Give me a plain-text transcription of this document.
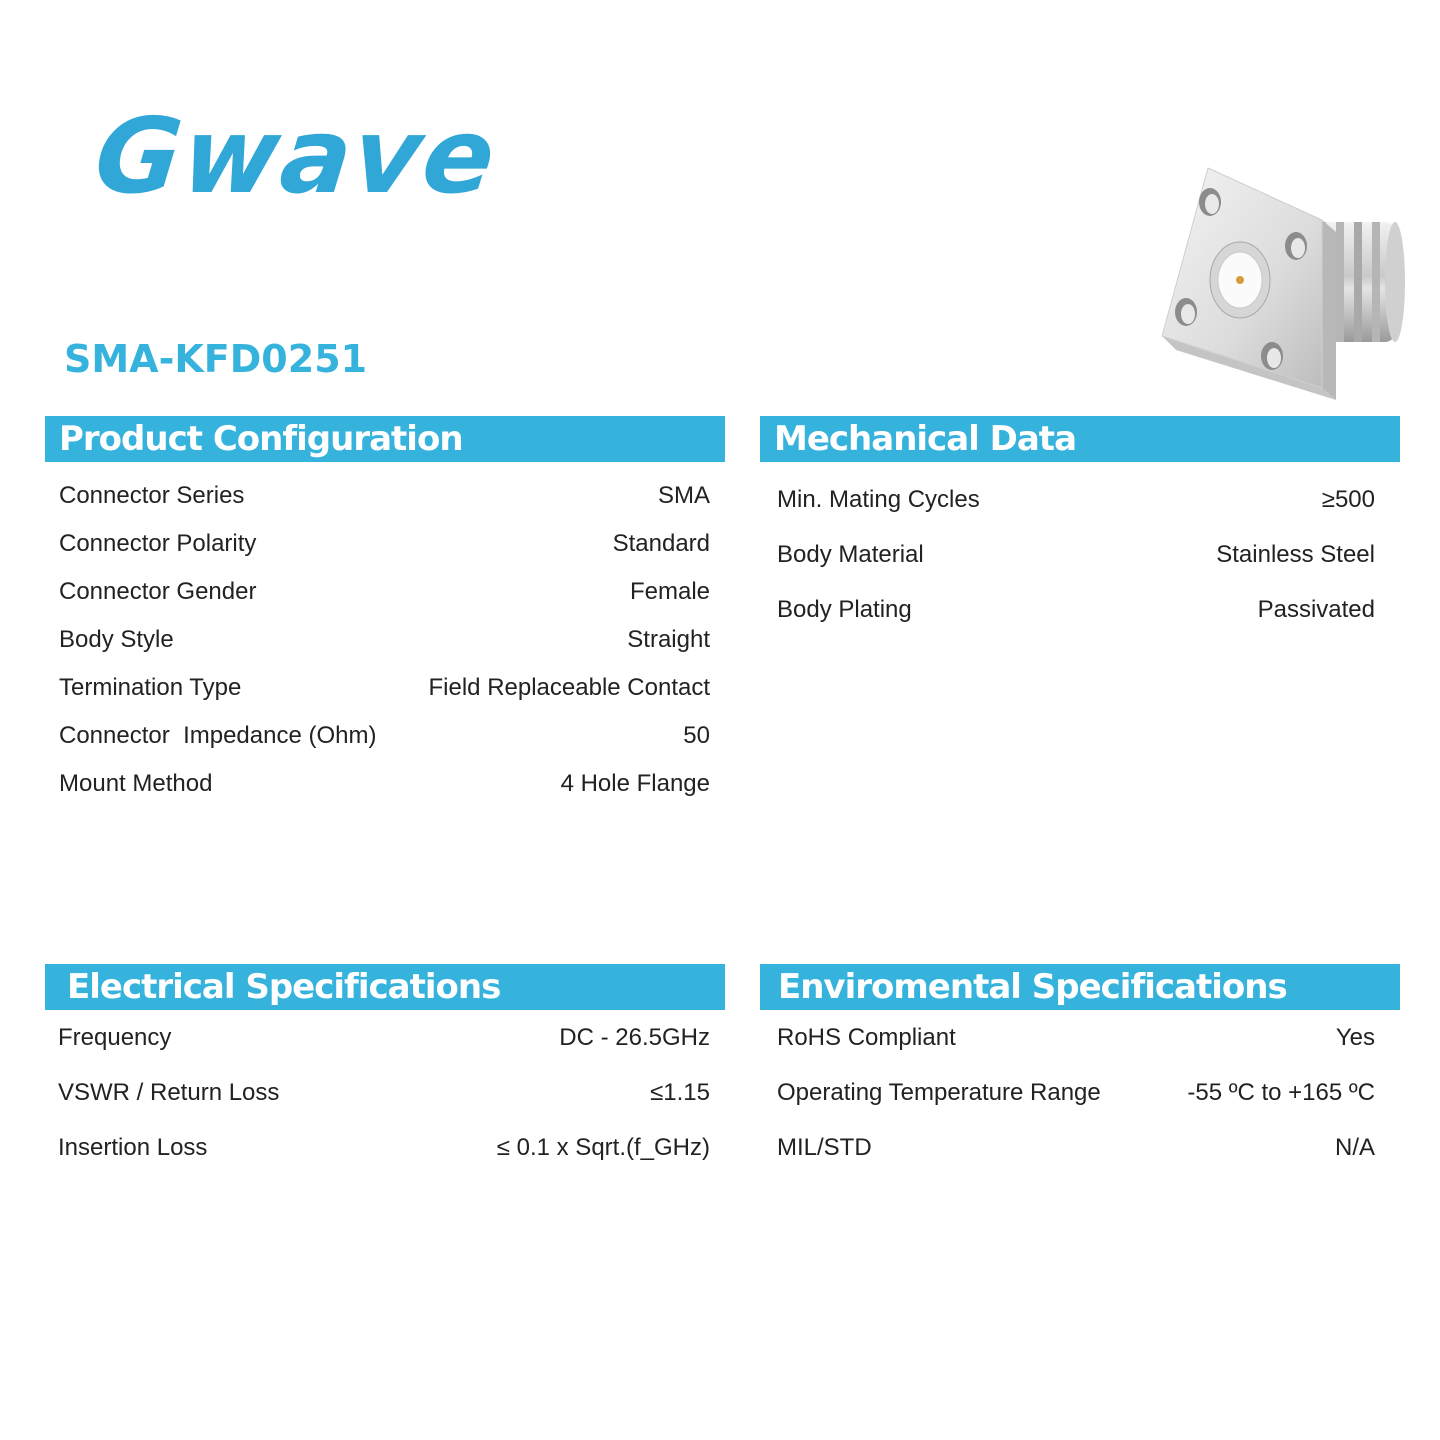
Gwave
SMA-KFD0251
Product Configuration
Connector Series	SMA
Connector Polarity	Standard
Connector Gender	Female
Body Style	Straight
Termination Type	Field Replaceable Contact
Connector  Impedance (Ohm)	50
Mount Method	4 Hole Flange
Mechanical Data
Min. Mating Cycles	≥500
Body Material	Stainless Steel
Body Plating	Passivated
Electrical Specifications
Frequency	DC - 26.5GHz
VSWR / Return Loss	≤1.15
Insertion Loss	≤ 0.1 x Sqrt.(f_GHz)
Enviromental Specifications
RoHS Compliant	Yes
Operating Temperature Range	-55 ºC to +165 ºC
MIL/STD	N/A
